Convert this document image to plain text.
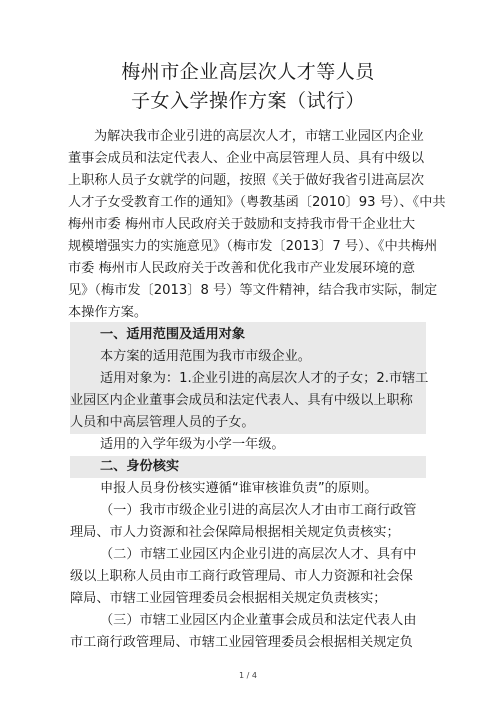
梅州市企业高层次人才等人员
子女入学操作方案（试行）
为解决我市企业引进的高层次人才，市辖工业园区内企业
董事会成员和法定代表人、企业中高层管理人员、具有中级以
上职称人员子女就学的问题，按照《关于做好我省引进高层次
人才子女受教育工作的通知》（粤教基函〔2010〕93 号）、《中共
梅州市委 梅州市人民政府关于鼓励和支持我市骨干企业壮大
规模增强实力的实施意见》（梅市发〔2013〕7 号）、《中共梅州
市委 梅州市人民政府关于改善和优化我市产业发展环境的意
见》（梅市发〔2013〕8 号）等文件精神，结合我市实际，制定
本操作方案。
一、适用范围及适用对象
本方案的适用范围为我市市级企业。
适用对象为：1.企业引进的高层次人才的子女；2.市辖工
业园区内企业董事会成员和法定代表人、具有中级以上职称
人员和中高层管理人员的子女。
适用的入学年级为小学一年级。
二、身份核实
申报人员身份核实遵循“谁审核谁负责”的原则。
（一）我市市级企业引进的高层次人才由市工商行政管
理局、市人力资源和社会保障局根据相关规定负责核实；
（二）市辖工业园区内企业引进的高层次人才、具有中
级以上职称人员由市工商行政管理局、市人力资源和社会保
障局、市辖工业园管理委员会根据相关规定负责核实；
（三）市辖工业园区内企业董事会成员和法定代表人由
市工商行政管理局、市辖工业园管理委员会根据相关规定负
1 / 4
